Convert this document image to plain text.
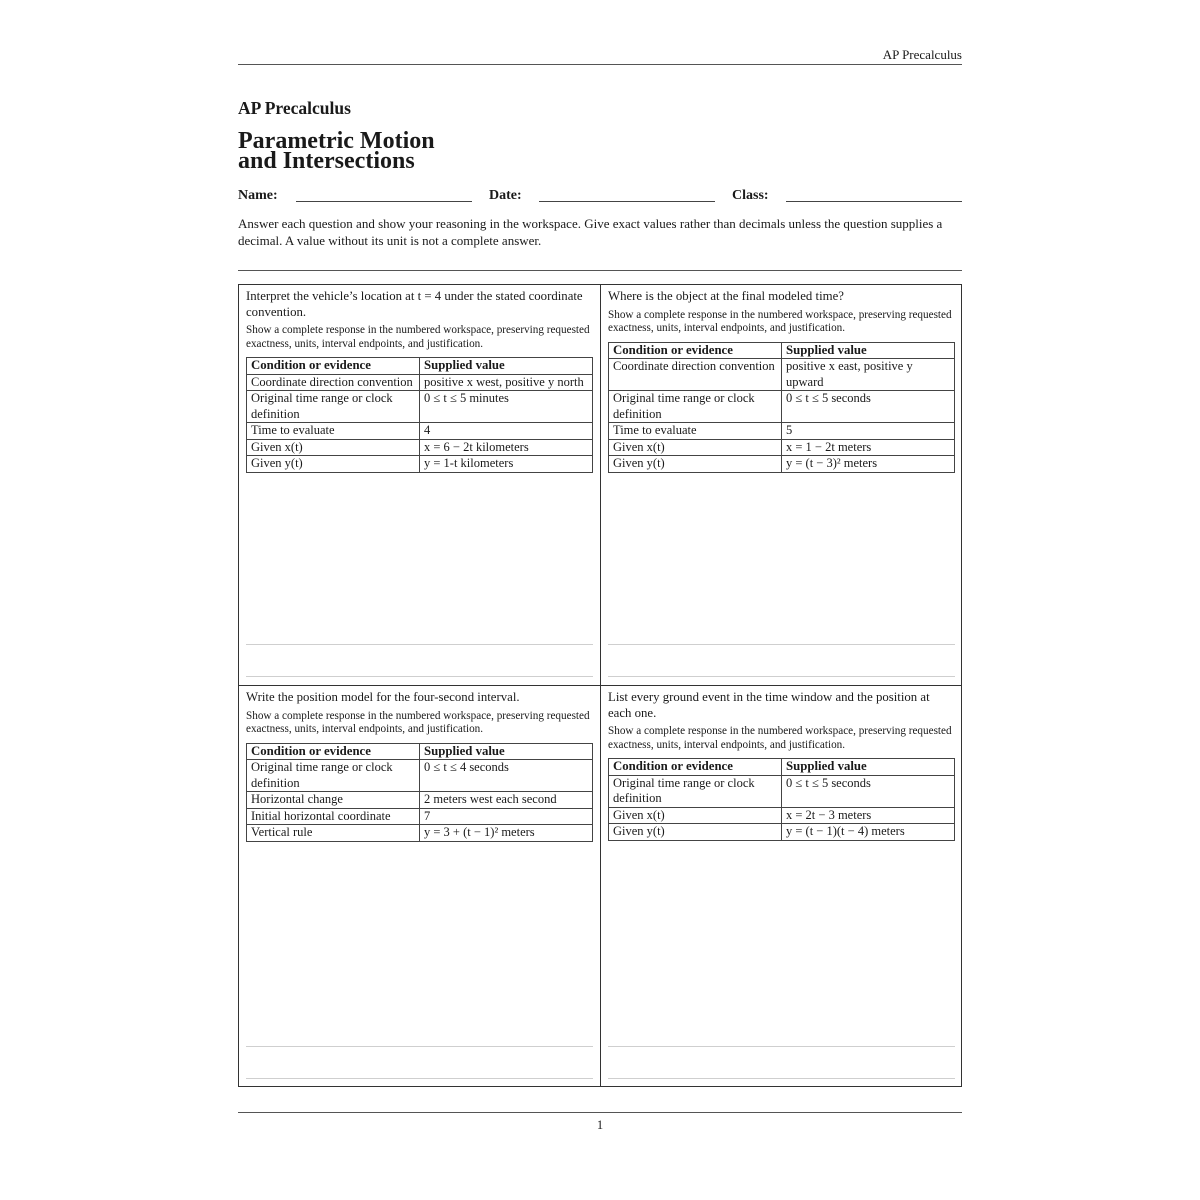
AP Precalculus
AP Precalculus
Parametric Motion
and Intersections
Name:	Date:	Class:
Answer each question and show your reasoning in the workspace. Give exact values rather than decimals unless the question supplies a decimal. A value without its unit is not a complete answer.
Interpret the vehicle’s location at t = 4 under the stated coordinate convention.
Show a complete response in the numbered workspace, preserving requested exactness, units, interval endpoints, and justification.
Condition or evidence	Supplied value
Coordinate direction convention	positive x west, positive y north
Original time range or clock definition	0 ≤ t ≤ 5 minutes
Time to evaluate	4
Given x(t)	x = 6 − 2t kilometers
Given y(t)	y = 1-t kilometers
Where is the object at the final modeled time?
Show a complete response in the numbered workspace, preserving requested exactness, units, interval endpoints, and justification.
Condition or evidence	Supplied value
Coordinate direction convention	positive x east, positive y upward
Original time range or clock definition	0 ≤ t ≤ 5 seconds
Time to evaluate	5
Given x(t)	x = 1 − 2t meters
Given y(t)	y = (t − 3)² meters
Write the position model for the four-second interval.
Show a complete response in the numbered workspace, preserving requested exactness, units, interval endpoints, and justification.
Condition or evidence	Supplied value
Original time range or clock definition	0 ≤ t ≤ 4 seconds
Horizontal change	2 meters west each second
Initial horizontal coordinate	7
Vertical rule	y = 3 + (t − 1)² meters
List every ground event in the time window and the position at each one.
Show a complete response in the numbered workspace, preserving requested exactness, units, interval endpoints, and justification.
Condition or evidence	Supplied value
Original time range or clock definition	0 ≤ t ≤ 5 seconds
Given x(t)	x = 2t − 3 meters
Given y(t)	y = (t − 1)(t − 4) meters
1
